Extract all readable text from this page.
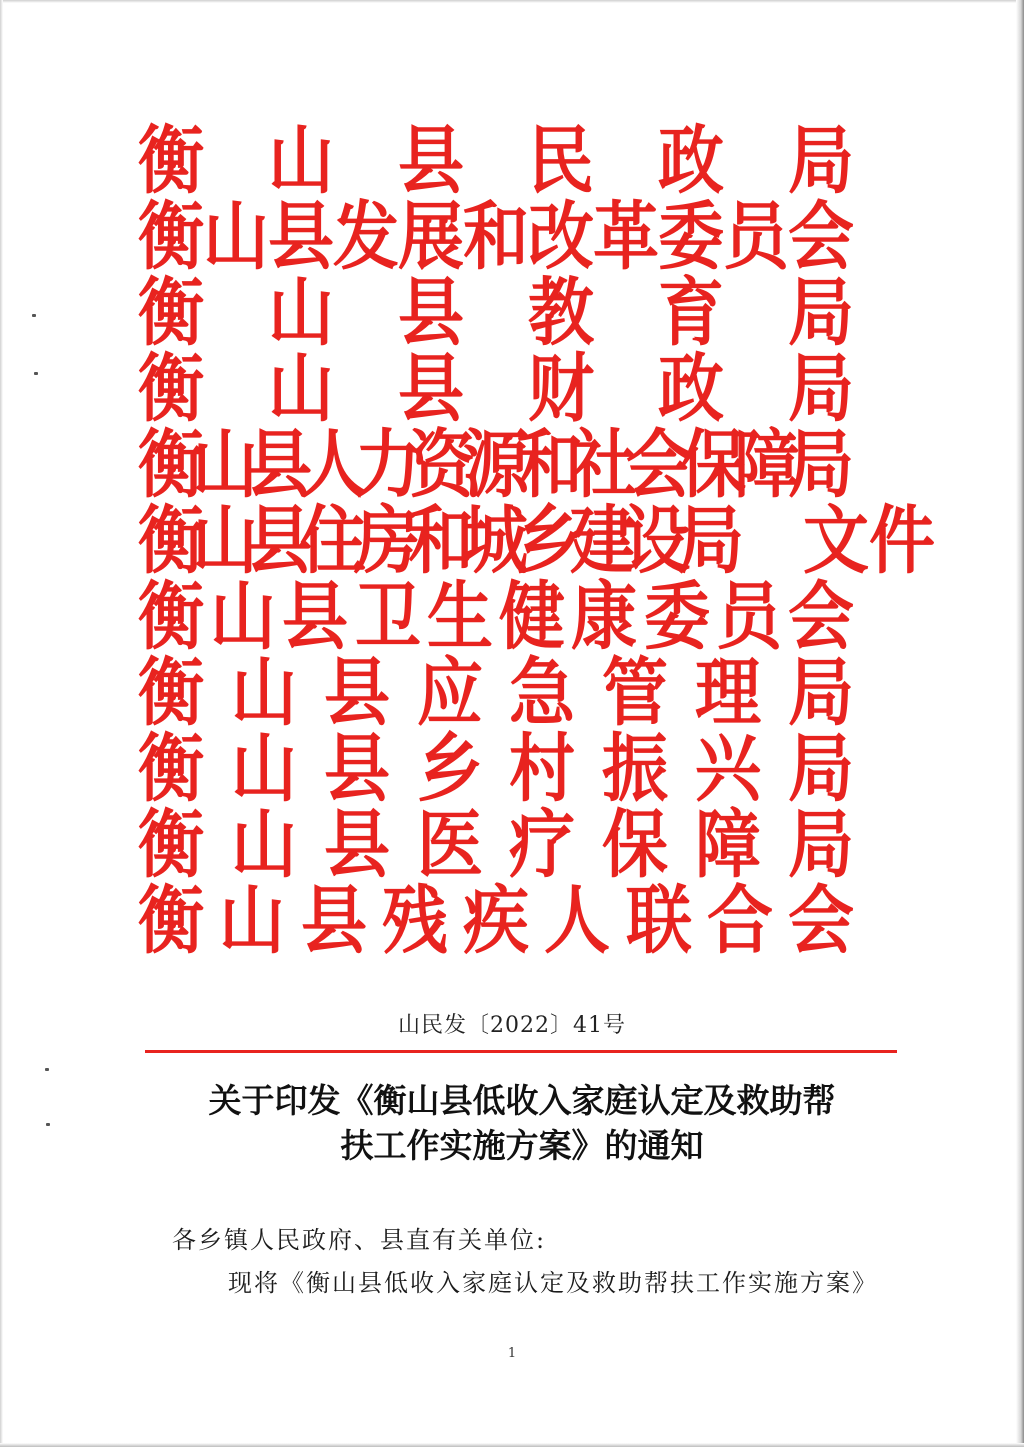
文件
衡
山
县
住
房
和
城
乡
建
设
局
衡 山 县 民 政 局
衡 山 县 发 展 和 改 革 委 员 会
衡 山 县 教 育 局
衡 山 县 财 政 局
衡
山
县
人
力
资
源
和
社
会
保
障
局
衡 山 县 卫 生 健 康 委 员 会
衡 山 县 应 急 管 理 局
衡 山 县 乡 村 振 兴 局
衡 山 县 医 疗 保 障 局
衡 山 县 残 疾 人 联 合 会
山民发〔2022〕41号
关于印发《衡山县低收入家庭认定及救助帮
扶工作实施方案》的通知
各乡镇人民政府、县直有关单位:
现将《衡山县低收入家庭认定及救助帮扶工作实施方案》
1
